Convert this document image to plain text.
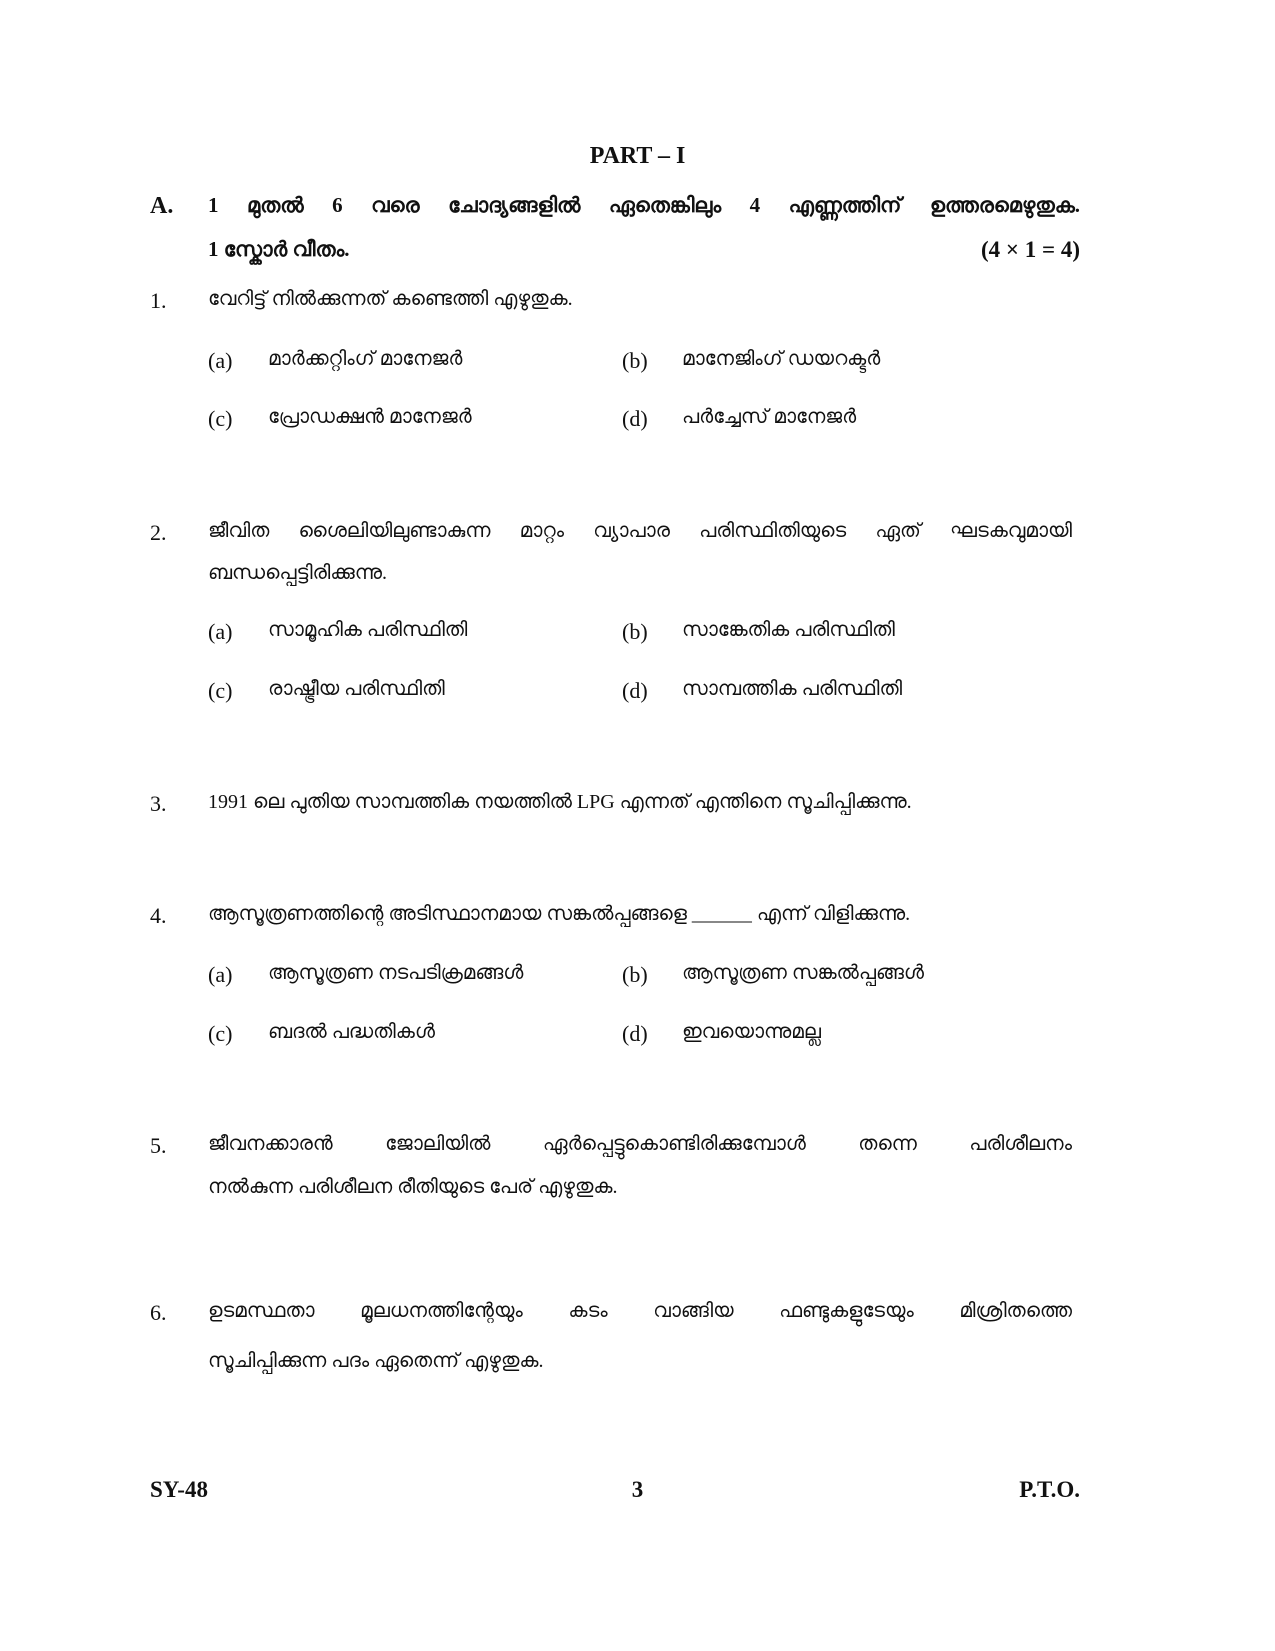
PART – I
A. 1 മുതൽ 6 വരെ ചോദ്യങ്ങളിൽ ഏതെങ്കിലും 4 എണ്ണത്തിന് ഉത്തരമെഴുതുക.
1 സ്കോർ വീതം.	(4 × 1 = 4)
1. വേറിട്ട് നിൽക്കുന്നത് കണ്ടെത്തി എഴുതുക.
(a) മാർക്കറ്റിംഗ് മാനേജർ	(b) മാനേജിംഗ് ഡയറക്ടർ
(c) പ്രോഡക്ഷൻ മാനേജർ	(d) പർച്ചേസ് മാനേജർ
2. ജീവിത ശൈലിയിലുണ്ടാകുന്ന മാറ്റം വ്യാപാര പരിസ്ഥിതിയുടെ ഏത് ഘടകവുമായി
ബന്ധപ്പെട്ടിരിക്കുന്നു.
(a) സാമൂഹിക പരിസ്ഥിതി	(b) സാങ്കേതിക പരിസ്ഥിതി
(c) രാഷ്ട്രീയ പരിസ്ഥിതി	(d) സാമ്പത്തിക പരിസ്ഥിതി
3. 1991 ലെ പുതിയ സാമ്പത്തിക നയത്തിൽ LPG എന്നത് എന്തിനെ സൂചിപ്പിക്കുന്നു.
4. ആസൂത്രണത്തിന്റെ അടിസ്ഥാനമായ സങ്കൽപ്പങ്ങളെ ______ എന്ന് വിളിക്കുന്നു.
(a) ആസൂത്രണ നടപടിക്രമങ്ങൾ	(b) ആസൂത്രണ സങ്കൽപ്പങ്ങൾ
(c) ബദൽ പദ്ധതികൾ	(d) ഇവയൊന്നുമല്ല
5. ജീവനക്കാരൻ ജോലിയിൽ ഏർപ്പെട്ടുകൊണ്ടിരിക്കുമ്പോൾ തന്നെ പരിശീലനം
നൽകുന്ന പരിശീലന രീതിയുടെ പേര് എഴുതുക.
6. ഉടമസ്ഥതാ മൂലധനത്തിന്റേയും കടം വാങ്ങിയ ഫണ്ടുകളുടേയും മിശ്രിതത്തെ
സൂചിപ്പിക്കുന്ന പദം ഏതെന്ന് എഴുതുക.
SY-48	3	P.T.O.
